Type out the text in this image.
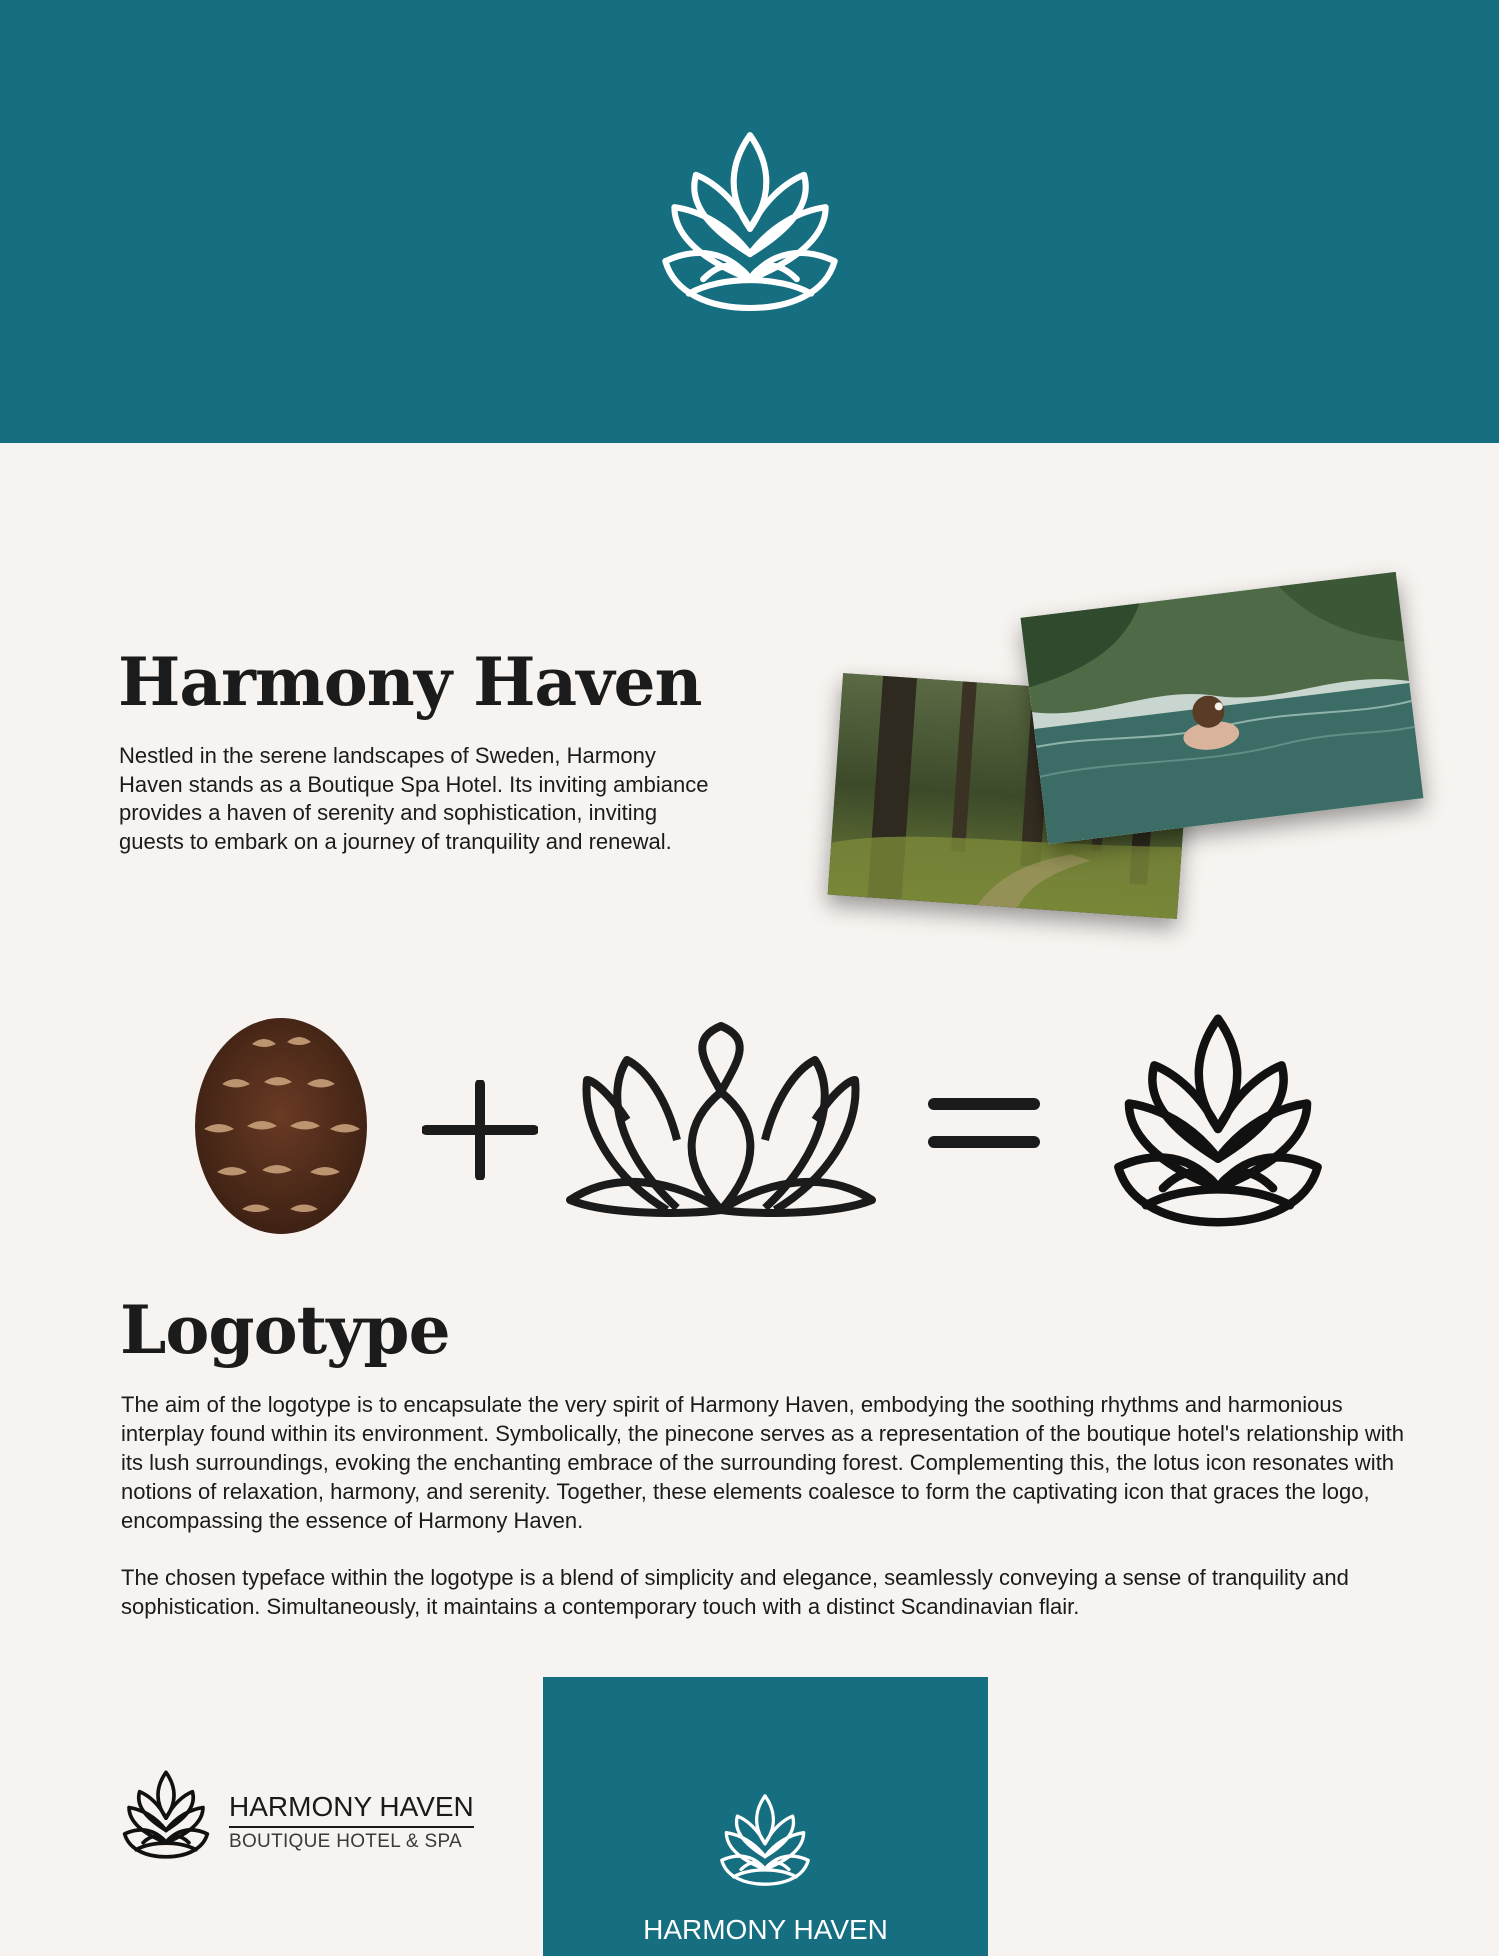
Harmony Haven

Nestled in the serene landscapes of Sweden, Harmony Haven stands as a Boutique Spa Hotel. Its inviting ambiance provides a haven of serenity and sophistication, inviting guests to embark on a journey of tranquility and renewal.

Logotype

The aim of the logotype is to encapsulate the very spirit of Harmony Haven, embodying the soothing rhythms and harmonious interplay found within its environment. Symbolically, the pinecone serves as a representation of the boutique hotel's relationship with its lush surroundings, evoking the enchanting embrace of the surrounding forest. Complementing this, the lotus icon resonates with notions of relaxation, harmony, and serenity. Together, these elements coalesce to form the captivating icon that graces the logo, encompassing the essence of Harmony Haven.

The chosen typeface within the logotype is a blend of simplicity and elegance, seamlessly conveying a sense of tranquility and sophistication. Simultaneously, it maintains a contemporary touch with a distinct Scandinavian flair.

HARMONY HAVEN
BOUTIQUE HOTEL & SPA
HARMONY HAVEN
